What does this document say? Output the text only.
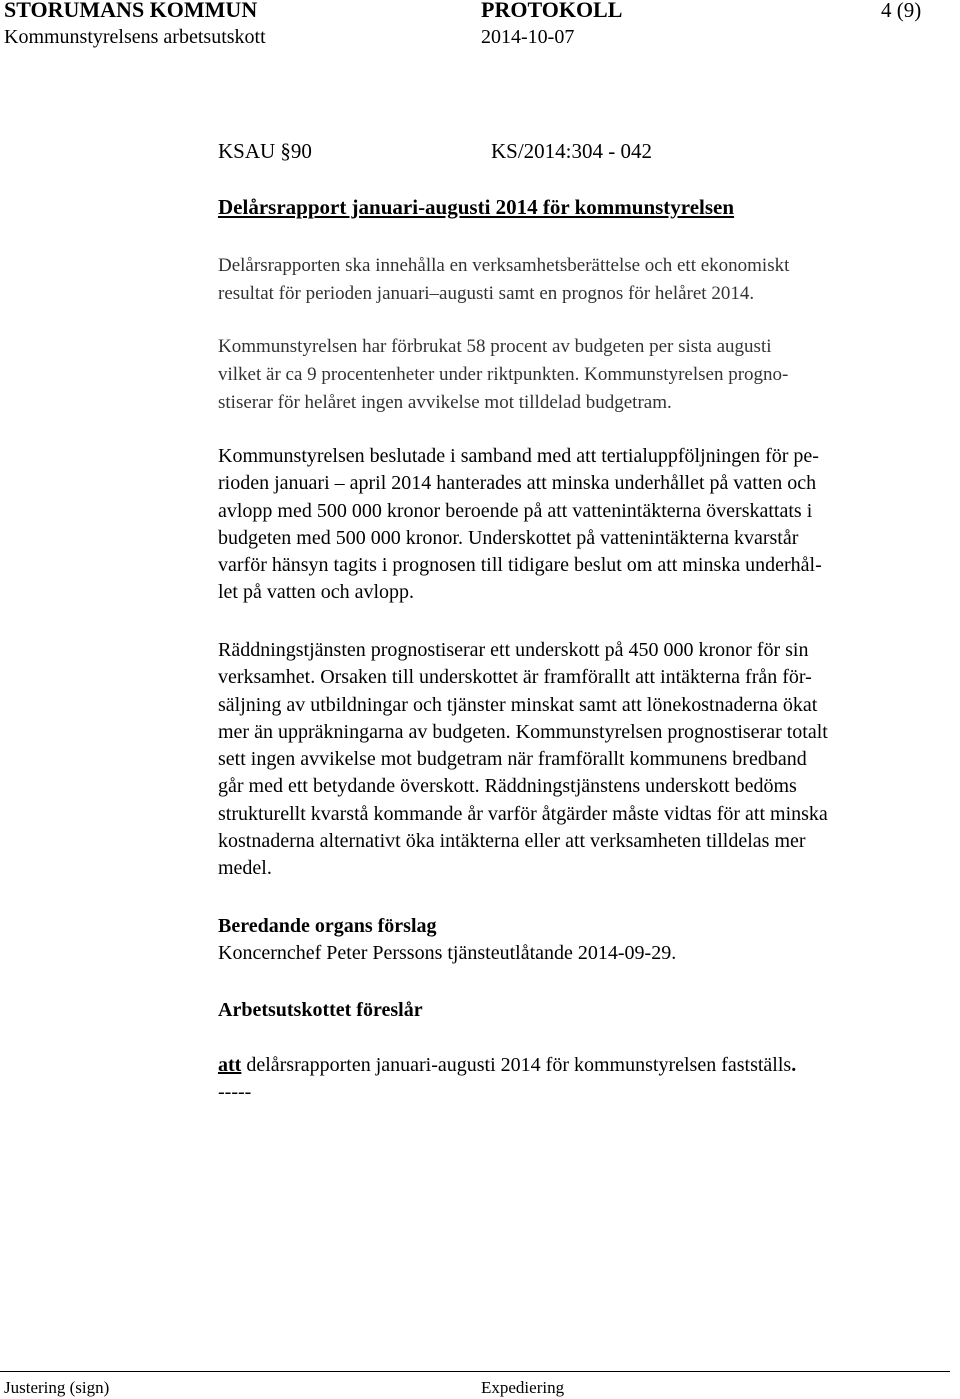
STORUMANS KOMMUN	PROTOKOLL	4 (9)
Kommunstyrelsens arbetsutskott	2014-10-07
KSAU §90	KS/2014:304 - 042
Delårsrapport januari-augusti 2014 för kommunstyrelsen
Delårsrapporten ska innehålla en verksamhetsberättelse och ett ekonomiskt
resultat för perioden januari–augusti samt en prognos för helåret 2014.
Kommunstyrelsen har förbrukat 58 procent av budgeten per sista augusti
vilket är ca 9 procentenheter under riktpunkten. Kommunstyrelsen progno-
stiserar för helåret ingen avvikelse mot tilldelad budgetram.
Kommunstyrelsen beslutade i samband med att tertialuppföljningen för pe-
rioden januari – april 2014 hanterades att minska underhållet på vatten och
avlopp med 500 000 kronor beroende på att vattenintäkterna överskattats i
budgeten med 500 000 kronor. Underskottet på vattenintäkterna kvarstår
varför hänsyn tagits i prognosen till tidigare beslut om att minska underhål-
let på vatten och avlopp.
Räddningstjänsten prognostiserar ett underskott på 450 000 kronor för sin
verksamhet. Orsaken till underskottet är framförallt att intäkterna från för-
säljning av utbildningar och tjänster minskat samt att lönekostnaderna ökat
mer än uppräkningarna av budgeten. Kommunstyrelsen prognostiserar totalt
sett ingen avvikelse mot budgetram när framförallt kommunens bredband
går med ett betydande överskott. Räddningstjänstens underskott bedöms
strukturellt kvarstå kommande år varför åtgärder måste vidtas för att minska
kostnaderna alternativt öka intäkterna eller att verksamheten tilldelas mer
medel.
Beredande organs förslag
Koncernchef Peter Perssons tjänsteutlåtande 2014-09-29.
Arbetsutskottet föreslår
att delårsrapporten januari-augusti 2014 för kommunstyrelsen fastställs.
-----
Justering (sign)	Expediering
